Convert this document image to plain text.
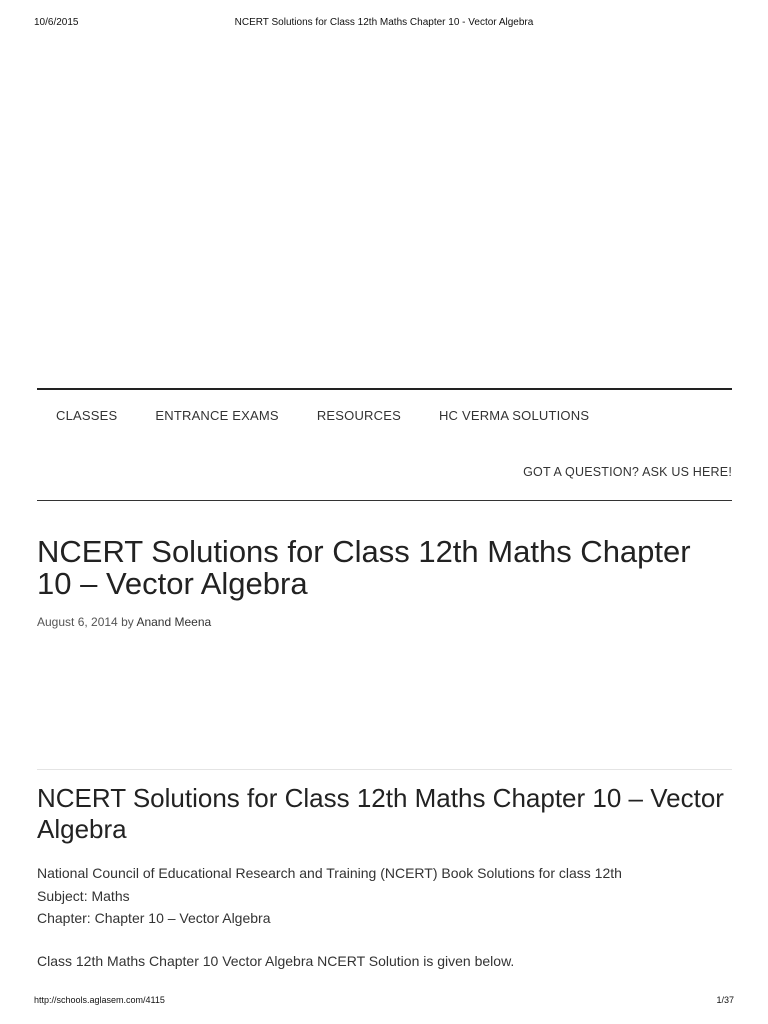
10/6/2015	NCERT Solutions for Class 12th Maths Chapter 10 - Vector Algebra
CLASSES	ENTRANCE EXAMS	RESOURCES	HC VERMA SOLUTIONS
GOT A QUESTION? ASK US HERE!
NCERT Solutions for Class 12th Maths Chapter 10 – Vector Algebra
August 6, 2014 by Anand Meena
NCERT Solutions for Class 12th Maths Chapter 10 – Vector Algebra
National Council of Educational Research and Training (NCERT) Book Solutions for class 12th
Subject: Maths
Chapter: Chapter 10 – Vector Algebra
Class 12th Maths Chapter 10 Vector Algebra NCERT Solution is given below.
http://schools.aglasem.com/4115	1/37
